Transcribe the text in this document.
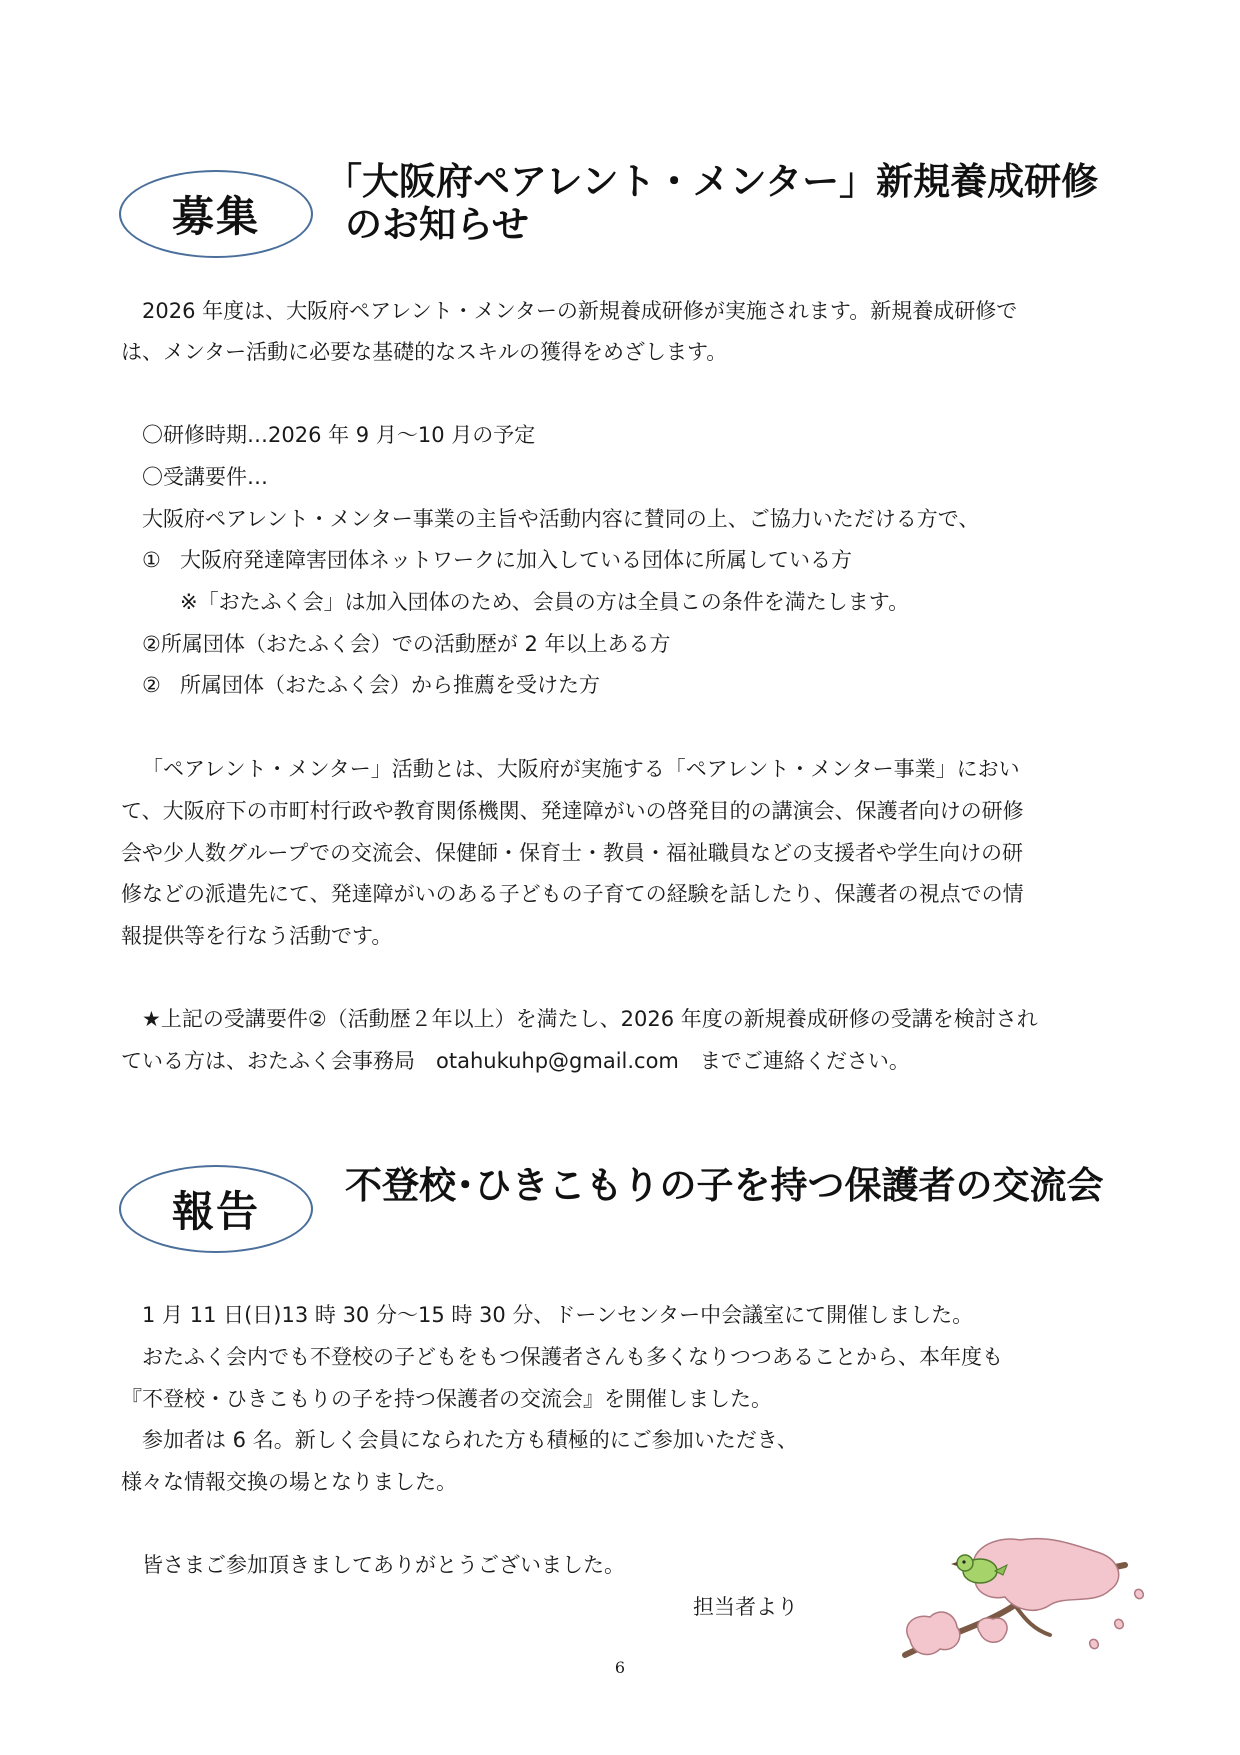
募集
「大阪府ペアレント・メンター」新規養成研修
のお知らせ
2026 年度は、大阪府ペアレント・メンターの新規養成研修が実施されます。新規養成研修で
は、メンター活動に必要な基礎的なスキルの獲得をめざします。
〇研修時期…2026 年 9 月～10 月の予定
〇受講要件…
大阪府ペアレント・メンター事業の主旨や活動内容に賛同の上、ご協力いただける方で、
① 大阪府発達障害団体ネットワークに加入している団体に所属している方
※「おたふく会」は加入団体のため、会員の方は全員この条件を満たします。
②所属団体（おたふく会）での活動歴が 2 年以上ある方
② 所属団体（おたふく会）から推薦を受けた方
「ペアレント・メンター」活動とは、大阪府が実施する「ペアレント・メンター事業」におい
て、大阪府下の市町村行政や教育関係機関、発達障がいの啓発目的の講演会、保護者向けの研修
会や少人数グループでの交流会、保健師・保育士・教員・福祉職員などの支援者や学生向けの研
修などの派遣先にて、発達障がいのある子どもの子育ての経験を話したり、保護者の視点での情
報提供等を行なう活動です。
★上記の受講要件②（活動歴２年以上）を満たし、2026 年度の新規養成研修の受講を検討され
ている方は、おたふく会事務局　otahukuhp@gmail.com　までご連絡ください。
報告
不登校･ひきこもりの子を持つ保護者の交流会
1 月 11 日(日)13 時 30 分～15 時 30 分、ドーンセンター中会議室にて開催しました。
おたふく会内でも不登校の子どもをもつ保護者さんも多くなりつつあることから、本年度も
『不登校・ひきこもりの子を持つ保護者の交流会』を開催しました。
参加者は 6 名。新しく会員になられた方も積極的にご参加いただき、
様々な情報交換の場となりました。
皆さまご参加頂きましてありがとうございました。
担当者より
6
